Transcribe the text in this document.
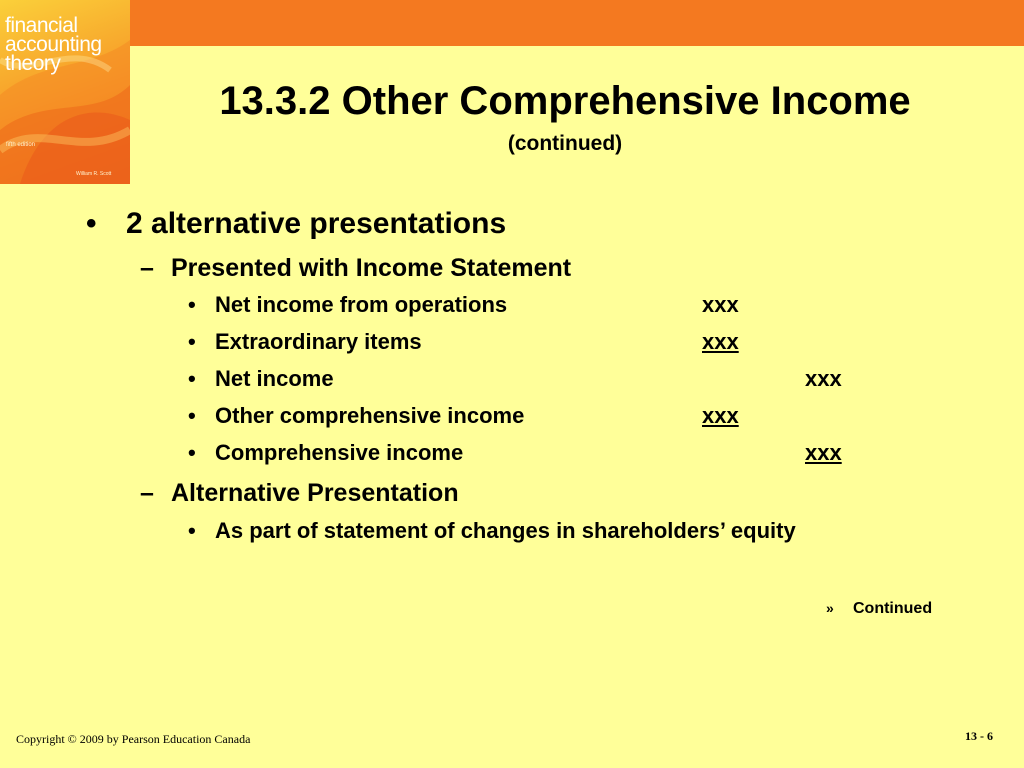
financial
accounting
theory
fifth edition
William R. Scott
13.3.2 Other Comprehensive Income
(continued)
• 2 alternative presentations
– Presented with Income Statement
• Net income from operations	xxx
• Extraordinary items	xxx
• Net income	xxx
• Other comprehensive income	xxx
• Comprehensive income	xxx
– Alternative Presentation
• As part of statement of changes in shareholders’ equity
» Continued
Copyright © 2009 by Pearson Education Canada	13 - 6
